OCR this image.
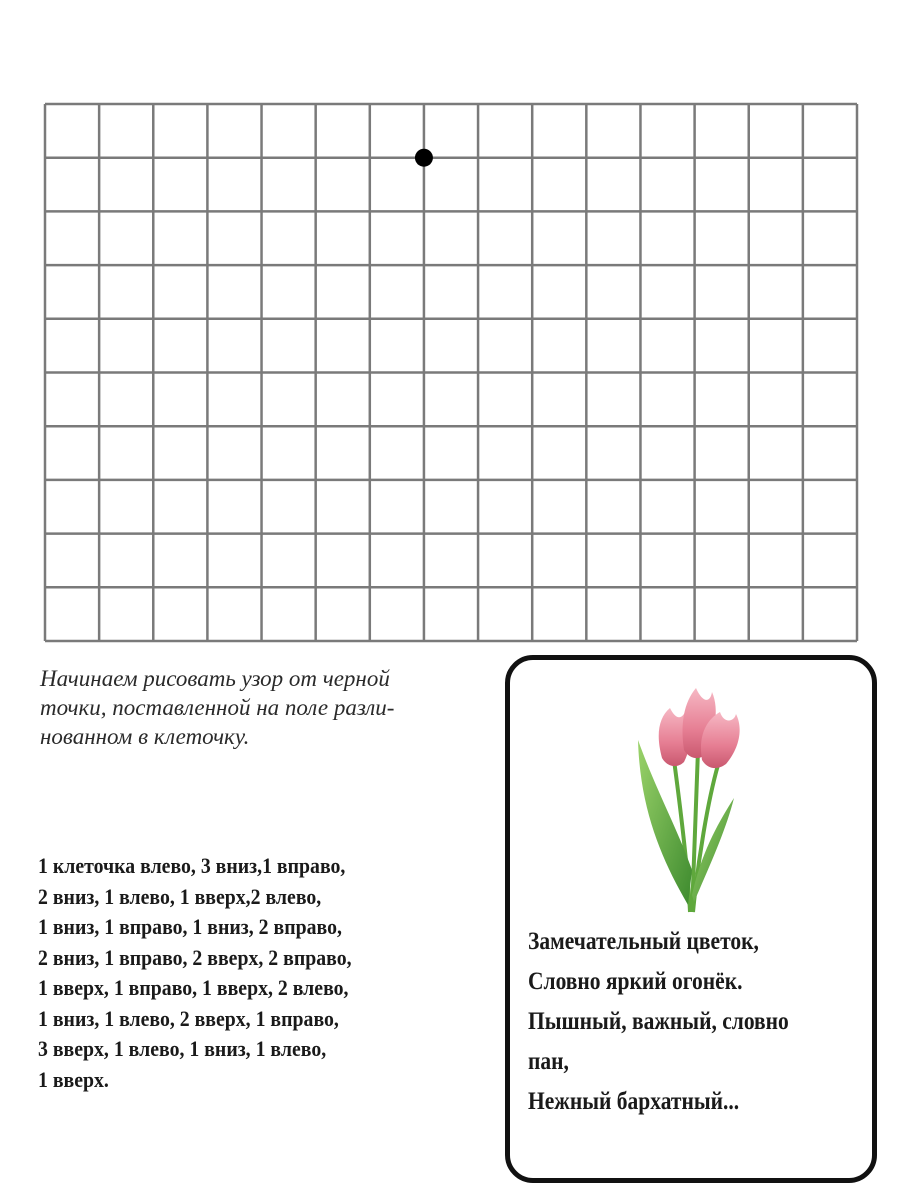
Начинаем рисовать узор от черной
точки, поставленной на поле разли-
нованном в клеточку.
1 клеточка влево, 3 вниз,1 вправо,
2 вниз, 1 влево, 1 вверх,2 влево,
1 вниз, 1 вправо, 1 вниз, 2 вправо,
2 вниз, 1 вправо, 2 вверх, 2 вправо,
1 вверх, 1 вправо, 1 вверх, 2 влево,
1 вниз, 1 влево, 2 вверх, 1 вправо,
3 вверх, 1 влево, 1 вниз, 1 влево,
1 вверх.
Замечательный цветок,
Словно яркий огонёк.
Пышный, важный, словно
пан,
Нежный бархатный...
